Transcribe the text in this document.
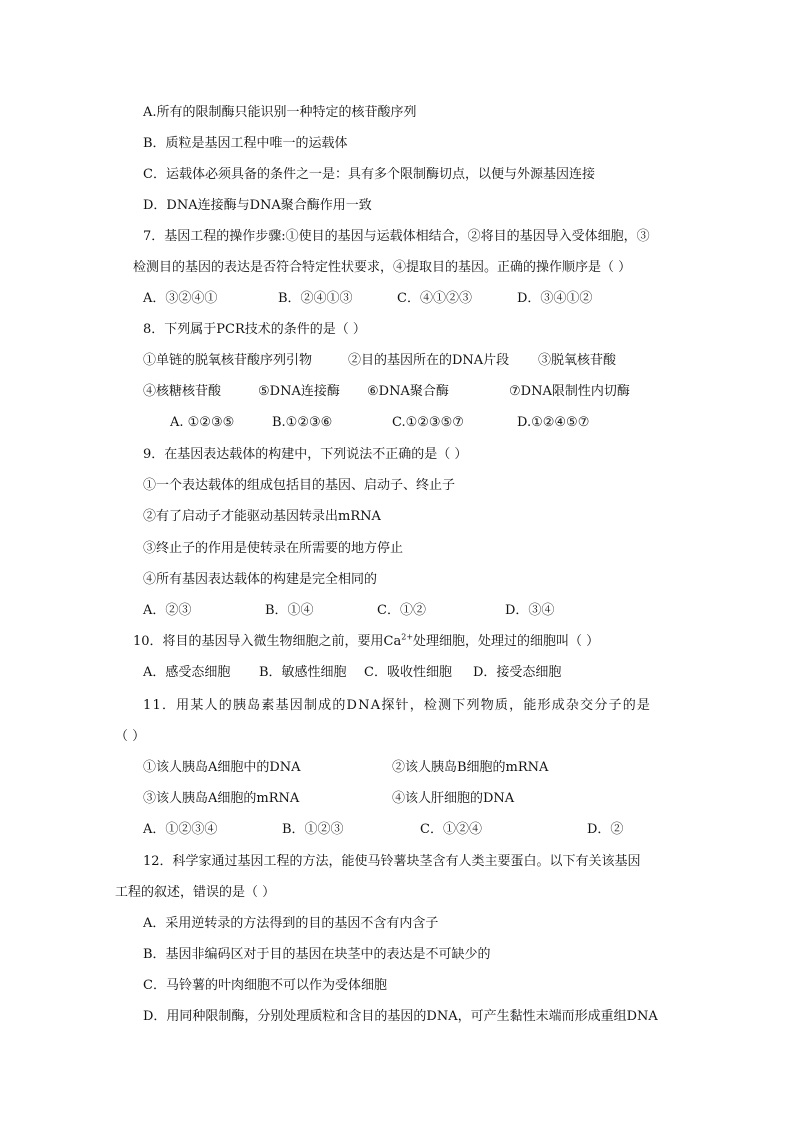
A.所有的限制酶只能识别一种特定的核苷酸序列
B．质粒是基因工程中唯一的运载体
C．运载体必须具备的条件之一是：具有多个限制酶切点，以便与外源基因连接
D．DNA连接酶与DNA聚合酶作用一致
7．基因工程的操作步骤:①使目的基因与运载体相结合，②将目的基因导入受体细胞，③
检测目的基因的表达是否符合特定性状要求，④提取目的基因。正确的操作顺序是（ ）
A．③②④①	B．②④①③	C．④①②③	D．③④①②
8．下列属于PCR技术的条件的是（ ）
①单链的脱氧核苷酸序列引物	②目的基因所在的DNA片段 ③脱氧核苷酸
④核糖核苷酸	⑤DNA连接酶 ⑥DNA聚合酶	⑦DNA限制性内切酶
A. ①②③⑤	B.①②③⑥	C.①②③⑤⑦	D.①②④⑤⑦
9．在基因表达载体的构建中，下列说法不正确的是（ ）
①一个表达载体的组成包括目的基因、启动子、终止子
②有了启动子才能驱动基因转录出mRNA
③终止子的作用是使转录在所需要的地方停止
④所有基因表达载体的构建是完全相同的
A．②③	B．①④	C．①②	D．③④
10．将目的基因导入微生物细胞之前，要用$Ca^{2+}$处理细胞，处理过的细胞叫（ ）
A．感受态细胞 B．敏感性细胞 C．吸收性细胞 D．接受态细胞
11．用某人的胰岛素基因制成的DNA探针，检测下列物质，能形成杂交分子的是
（ ）
①该人胰岛A细胞中的DNA	②该人胰岛B细胞的mRNA
③该人胰岛A细胞的mRNA	④该人肝细胞的DNA
A．①②③④	B．①②③	C．①②④	D．②
12．科学家通过基因工程的方法，能使马铃薯块茎含有人类主要蛋白。以下有关该基因
工程的叙述，错误的是（ ）
A．采用逆转录的方法得到的目的基因不含有内含子
B．基因非编码区对于目的基因在块茎中的表达是不可缺少的
C．马铃薯的叶肉细胞不可以作为受体细胞
D．用同种限制酶，分别处理质粒和含目的基因的DNA，可产生黏性末端而形成重组DNA
